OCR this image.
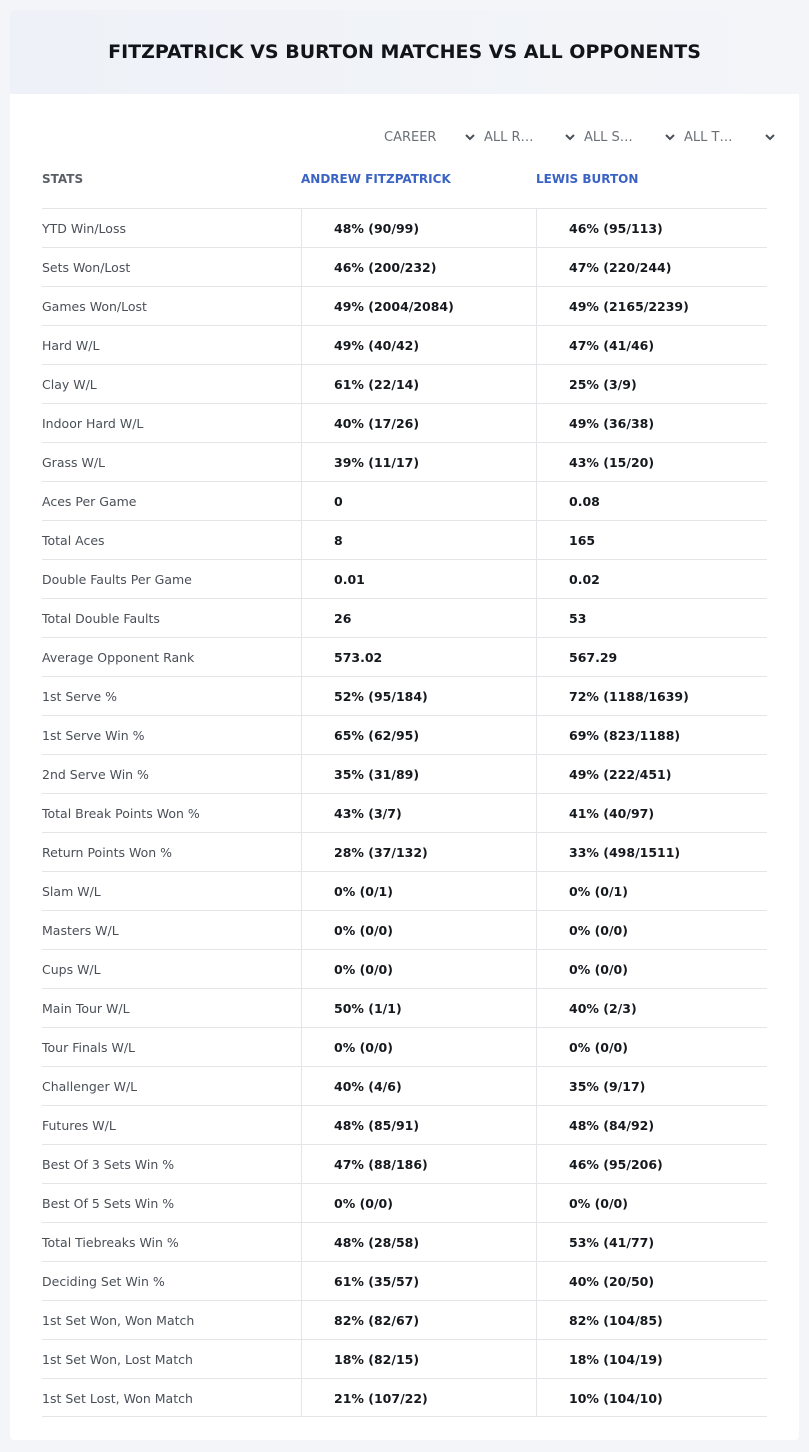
FITZPATRICK VS BURTON MATCHES VS ALL OPPONENTS
CAREER	ALL R…	ALL S…	ALL T…
STATS	ANDREW FITZPATRICK	LEWIS BURTON
YTD Win/Loss	48% (90/99)	46% (95/113)
Sets Won/Lost	46% (200/232)	47% (220/244)
Games Won/Lost	49% (2004/2084)	49% (2165/2239)
Hard W/L	49% (40/42)	47% (41/46)
Clay W/L	61% (22/14)	25% (3/9)
Indoor Hard W/L	40% (17/26)	49% (36/38)
Grass W/L	39% (11/17)	43% (15/20)
Aces Per Game	0	0.08
Total Aces	8	165
Double Faults Per Game	0.01	0.02
Total Double Faults	26	53
Average Opponent Rank	573.02	567.29
1st Serve %	52% (95/184)	72% (1188/1639)
1st Serve Win %	65% (62/95)	69% (823/1188)
2nd Serve Win %	35% (31/89)	49% (222/451)
Total Break Points Won %	43% (3/7)	41% (40/97)
Return Points Won %	28% (37/132)	33% (498/1511)
Slam W/L	0% (0/1)	0% (0/1)
Masters W/L	0% (0/0)	0% (0/0)
Cups W/L	0% (0/0)	0% (0/0)
Main Tour W/L	50% (1/1)	40% (2/3)
Tour Finals W/L	0% (0/0)	0% (0/0)
Challenger W/L	40% (4/6)	35% (9/17)
Futures W/L	48% (85/91)	48% (84/92)
Best Of 3 Sets Win %	47% (88/186)	46% (95/206)
Best Of 5 Sets Win %	0% (0/0)	0% (0/0)
Total Tiebreaks Win %	48% (28/58)	53% (41/77)
Deciding Set Win %	61% (35/57)	40% (20/50)
1st Set Won, Won Match	82% (82/67)	82% (104/85)
1st Set Won, Lost Match	18% (82/15)	18% (104/19)
1st Set Lost, Won Match	21% (107/22)	10% (104/10)
